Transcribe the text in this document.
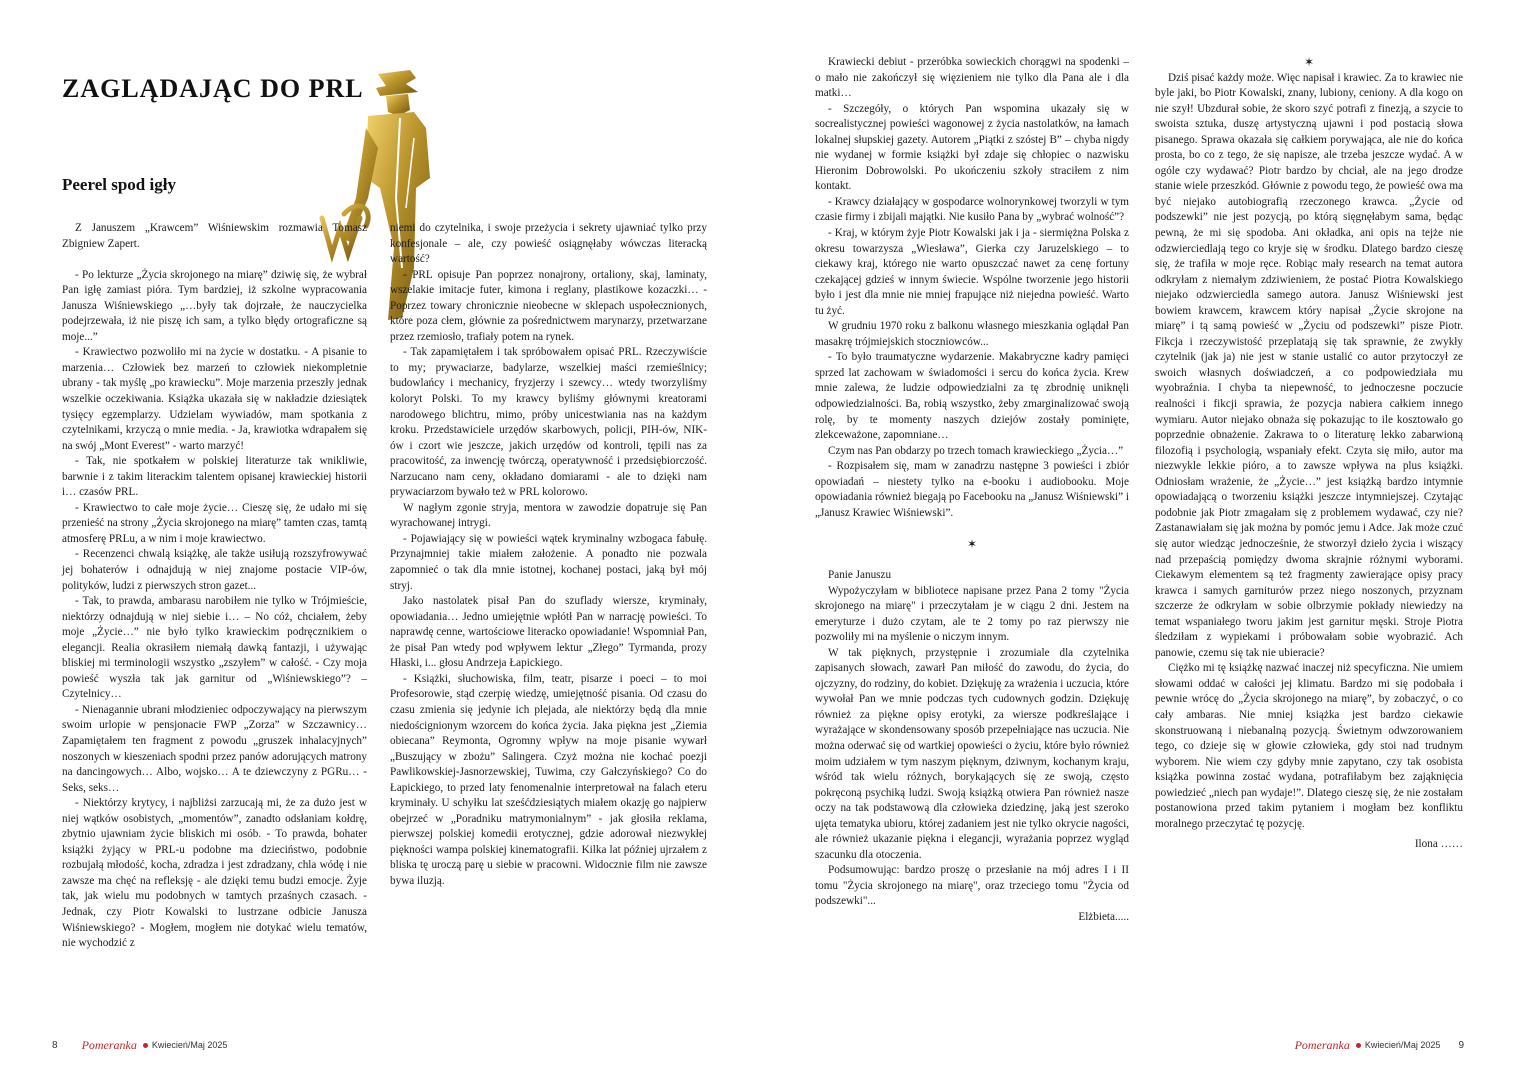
ZAGLĄDAJĄC DO PRL
Peerel spod igły

Z Januszem „Krawcem” Wiśniewskim rozmawia Tomasz Zbigniew Zapert.

- Po lekturze „Życia skrojonego na miarę” dziwię się, że wybrał Pan igłę zamiast pióra. Tym bardziej, iż szkolne wypracowania Janusza Wiśniewskiego „…były tak dojrzałe, że nauczycielka podejrzewała, iż nie piszę ich sam, a tylko błędy ortograficzne są moje...”

- Krawiectwo pozwoliło mi na życie w dostatku. - A pisanie to marzenia… Człowiek bez marzeń to człowiek niekompletnie ubrany - tak myślę „po krawiecku”. Moje marzenia przeszły jednak wszelkie oczekiwania. Książka ukazała się w nakładzie dziesiątek tysięcy egzemplarzy. Udzielam wywiadów, mam spotkania z czytelnikami, krzyczą o mnie media. - Ja, krawiotka wdrapałem się na swój „Mont Everest” - warto marzyć!

- Tak, nie spotkałem w polskiej literaturze tak wnikliwie, barwnie i z takim literackim talentem opisanej krawieckiej historii i… czasów PRL.

- Krawiectwo to całe moje życie… Cieszę się, że udało mi się przenieść na strony „Życia skrojonego na miarę” tamten czas, tamtą atmosferę PRLu, a w nim i moje krawiectwo.

- Recenzenci chwalą książkę, ale także usiłują rozszyfrowywać jej bohaterów i odnajdują w niej znajome postacie VIP-ów, polityków, ludzi z pierwszych stron gazet...

- Tak, to prawda, ambarasu narobiłem nie tylko w Trójmieście, niektórzy odnajdują w niej siebie i… – No cóż, chciałem, żeby moje „Życie…” nie było tylko krawieckim podręcznikiem o elegancji. Realia okrasiłem niemałą dawką fantazji, i używając bliskiej mi terminologii wszystko „zszyłem” w całość. - Czy moja powieść wyszła tak jak garnitur od „Wiśniewskiego”? – Czytelnicy…

- Nienagannie ubrani młodzieniec odpoczywający na pierwszym swoim urlopie w pensjonacie FWP „Zorza” w Szczawnicy… Zapamiętałem ten fragment z powodu „gruszek inhalacyjnych” noszonych w kieszeniach spodni przez panów adorujących matrony na dancingowych… Albo, wojsko… A te dziewczyny z PGRu… - Seks, seks…

- Niektórzy krytycy, i najbliżsi zarzucają mi, że za dużo jest w niej wątków osobistych, „momentów”, zanadto odsłaniam kołdrę, zbytnio ujawniam życie bliskich mi osób. - To prawda, bohater książki żyjący w PRL-u podobne ma dzieciństwo, podobnie rozbujałą młodość, kocha, zdradza i jest zdradzany, chla wódę i nie zawsze ma chęć na refleksję - ale dzięki temu budzi emocje. Żyje tak, jak wielu mu podobnych w tamtych przaśnych czasach. - Jednak, czy Piotr Kowalski to lustrzane odbicie Janusza Wiśniewskiego? - Mogłem, mogłem nie dotykać wielu tematów, nie wychodzić z

niemi do czytelnika, i swoje przeżycia i sekrety ujawniać tylko przy konfesjonale – ale, czy powieść osiągnęłaby wówczas literacką wartość?

- PRL opisuje Pan poprzez nonajrony, ortaliony, skaj, laminaty, wszelakie imitacje futer, kimona i reglany, plastikowe kozaczki… - Poprzez towary chronicznie nieobecne w sklepach uspołecznionych, które poza cłem, głównie za pośrednictwem marynarzy, przetwarzane przez rzemiosło, trafiały potem na rynek.

- Tak zapamiętałem i tak spróbowałem opisać PRL. Rzeczywiście to my; prywaciarze, badylarze, wszelkiej maści rzemieślnicy; budowlańcy i mechanicy, fryzjerzy i szewcy… wtedy tworzyliśmy koloryt Polski. To my krawcy byliśmy głównymi kreatorami narodowego blichtru, mimo, próby unicestwiania nas na każdym kroku. Przedstawiciele urzędów skarbowych, policji, PIH-ów, NIK-ów i czort wie jeszcze, jakich urzędów od kontroli, tępili nas za pracowitość, za inwencję twórczą, operatywność i przedsiębiorczość. Narzucano nam ceny, okładano domiarami - ale to dzięki nam prywaciarzom bywało też w PRL kolorowo.

W nagłym zgonie stryja, mentora w zawodzie dopatruje się Pan wyrachowanej intrygi.

- Pojawiający się w powieści wątek kryminalny wzbogaca fabułę. Przynajmniej takie miałem założenie. A ponadto nie pozwala zapomnieć o tak dla mnie istotnej, kochanej postaci, jaką był mój stryj.

Jako nastolatek pisał Pan do szuflady wiersze, kryminały, opowiadania… Jedno umiejętnie wpłótł Pan w narrację powieści. To naprawdę cenne, wartościowe literacko opowiadanie! Wspomniał Pan, że pisał Pan wtedy pod wpływem lektur „Złego” Tyrmanda, prozy Hłaski, i... głosu Andrzeja Łapickiego.

- Książki, słuchowiska, film, teatr, pisarze i poeci – to moi Profesorowie, stąd czerpię wiedzę, umiejętność pisania. Od czasu do czasu zmienia się jedynie ich plejada, ale niektórzy będą dla mnie niedoścignionym wzorcem do końca życia. Jaka piękna jest „Ziemia obiecana” Reymonta, Ogromny wpływ na moje pisanie wywarł „Buszujący w zbożu” Salingera. Czyż można nie kochać poezji Pawlikowskiej-Jasnorzewskiej, Tuwima, czy Gałczyńskiego? Co do Łapickiego, to przed laty fenomenalnie interpretował na falach eteru kryminały. U schyłku lat sześćdziesiątych miałem okazję go najpierw obejrzeć w „Poradniku matrymonialnym” - jak głosiła reklama, pierwszej polskiej komedii erotycznej, gdzie adorował niezwykłej piękności wampa polskiej kinematografii. Kilka lat później ujrzałem z bliska tę uroczą parę u siebie w pracowni. Widocznie film nie zawsze bywa iluzją.

8 Pomeranka Kwiecień/Maj 2025

Krawiecki debiut - przeróbka sowieckich chorągwi na spodenki – o mało nie zakończył się więzieniem nie tylko dla Pana ale i dla matki…

- Szczegóły, o których Pan wspomina ukazały się w socrealistycznej powieści wagonowej z życia nastolatków, na łamach lokalnej słupskiej gazety. Autorem „Piątki z szóstej B” – chyba nigdy nie wydanej w formie książki był zdaje się chłopiec o nazwisku Hieronim Dobrowolski. Po ukończeniu szkoły straciłem z nim kontakt.

- Krawcy działający w gospodarce wolnorynkowej tworzyli w tym czasie firmy i zbijali majątki. Nie kusiło Pana by „wybrać wolność”?

- Kraj, w którym żyje Piotr Kowalski jak i ja - siermiężna Polska z okresu towarzysza „Wiesława”, Gierka czy Jaruzelskiego – to ciekawy kraj, którego nie warto opuszczać nawet za cenę fortuny czekającej gdzieś w innym świecie. Wspólne tworzenie jego historii było i jest dla mnie nie mniej frapujące niż niejedna powieść. Warto tu żyć.

W grudniu 1970 roku z balkonu własnego mieszkania oglądał Pan masakrę trójmiejskich stoczniowców...

- To było traumatyczne wydarzenie. Makabryczne kadry pamięci sprzed lat zachowam w świadomości i sercu do końca życia. Krew mnie zalewa, że ludzie odpowiedzialni za tę zbrodnię uniknęli odpowiedzialności. Ba, robią wszystko, żeby zmarginalizować swoją rolę, by te momenty naszych dziejów zostały pominięte, zlekceważone, zapomniane…

Czym nas Pan obdarzy po trzech tomach krawieckiego „Życia…”

- Rozpisałem się, mam w zanadrzu następne 3 powieści i zbiór opowiadań – niestety tylko na e-booku i audiobooku. Moje opowiadania również biegają po Facebooku na „Janusz Wiśniewski” i „Janusz Krawiec Wiśniewski”.

✶

Panie Januszu

Wypożyczyłam w bibliotece napisane przez Pana 2 tomy "Życia skrojonego na miarę" i przeczytałam je w ciągu 2 dni. Jestem na emeryturze i dużo czytam, ale te 2 tomy po raz pierwszy nie pozwoliły mi na myślenie o niczym innym.

W tak pięknych, przystępnie i zrozumiale dla czytelnika zapisanych słowach, zawarł Pan miłość do zawodu, do życia, do ojczyzny, do rodziny, do kobiet. Dziękuję za wrażenia i uczucia, które wywołał Pan we mnie podczas tych cudownych godzin. Dziękuję również za piękne opisy erotyki, za wiersze podkreślające i wyrażające w skondensowany sposób przepełniające nas uczucia. Nie można oderwać się od wartkiej opowieści o życiu, które było również moim udziałem w tym naszym pięknym, dziwnym, kochanym kraju, wśród tak wielu różnych, borykających się ze swoją, często pokręconą psychiką ludzi. Swoją książką otwiera Pan również nasze oczy na tak podstawową dla człowieka dziedzinę, jaką jest szeroko ujęta tematyka ubioru, której zadaniem jest nie tylko okrycie nagości, ale również ukazanie piękna i elegancji, wyrażania poprzez wygląd szacunku dla otoczenia.

Podsumowując: bardzo proszę o przesłanie na mój adres I i II tomu "Życia skrojonego na miarę", oraz trzeciego tomu "Życia od podszewki"...

Elżbieta.....

✶

Dziś pisać każdy może. Więc napisał i krawiec. Za to krawiec nie byle jaki, bo Piotr Kowalski, znany, lubiony, ceniony. A dla kogo on nie szył! Ubzdurał sobie, że skoro szyć potrafi z finezją, a szycie to swoista sztuka, duszę artystyczną ujawni i pod postacią słowa pisanego. Sprawa okazała się całkiem porywająca, ale nie do końca prosta, bo co z tego, że się napisze, ale trzeba jeszcze wydać. A w ogóle czy wydawać? Piotr bardzo by chciał, ale na jego drodze stanie wiele przeszkód. Głównie z powodu tego, że powieść owa ma być niejako autobiografią rzeczonego krawca. „Życie od podszewki” nie jest pozycją, po którą sięgnęłabym sama, będąc pewną, że mi się spodoba. Ani okładka, ani opis na tejże nie odzwierciedlają tego co kryje się w środku. Dlatego bardzo cieszę się, że trafiła w moje ręce. Robiąc mały research na temat autora odkryłam z niemałym zdziwieniem, że postać Piotra Kowalskiego niejako odzwierciedla samego autora. Janusz Wiśniewski jest bowiem krawcem, krawcem który napisał „Życie skrojone na miarę” i tą samą powieść w „Życiu od podszewki” pisze Piotr. Fikcja i rzeczywistość przeplatają się tak sprawnie, że zwykły czytelnik (jak ja) nie jest w stanie ustalić co autor przytoczył ze swoich własnych doświadczeń, a co podpowiedziała mu wyobraźnia. I chyba ta niepewność, to jednoczesne poczucie realności i fikcji sprawia, że pozycja nabiera całkiem innego wymiaru. Autor niejako obnaża się pokazując to ile kosztowało go poprzednie obnażenie. Zakrawa to o literaturę lekko zabarwioną filozofią i psychologią, wspaniały efekt. Czyta się miło, autor ma niezwykle lekkie pióro, a to zawsze wpływa na plus książki. Odniosłam wrażenie, że „Życie…” jest książką bardzo intymnie opowiadającą o tworzeniu książki jeszcze intymniejszej. Czytając podobnie jak Piotr zmagałam się z problemem wydawać, czy nie? Zastanawiałam się jak można by pomóc jemu i Adce. Jak może czuć się autor wiedząc jednocześnie, że stworzył dzieło życia i wiszący nad przepaścią pomiędzy dwoma skrajnie różnymi wyborami. Ciekawym elementem są też fragmenty zawierające opisy pracy krawca i samych garniturów przez niego noszonych, przyznam szczerze że odkryłam w sobie olbrzymie pokłady niewiedzy na temat wspaniałego tworu jakim jest garnitur męski. Stroje Piotra śledziłam z wypiekami i próbowałam sobie wyobrazić. Ach panowie, czemu się tak nie ubieracie?

Ciężko mi tę książkę nazwać inaczej niż specyficzna. Nie umiem słowami oddać w całości jej klimatu. Bardzo mi się podobała i pewnie wrócę do „Życia skrojonego na miarę”, by zobaczyć, o co cały ambaras. Nie mniej książka jest bardzo ciekawie skonstruowaną i niebanalną pozycją. Świetnym odwzorowaniem tego, co dzieje się w głowie człowieka, gdy stoi nad trudnym wyborem. Nie wiem czy gdyby mnie zapytano, czy tak osobista książka powinna zostać wydana, potrafiłabym bez zająknięcia powiedzieć „niech pan wydaje!”. Dlatego cieszę się, że nie zostałam postanowiona przed takim pytaniem i mogłam bez konfliktu moralnego przeczytać tę pozycję.

Ilona ……

Pomeranka Kwiecień/Maj 2025 9
